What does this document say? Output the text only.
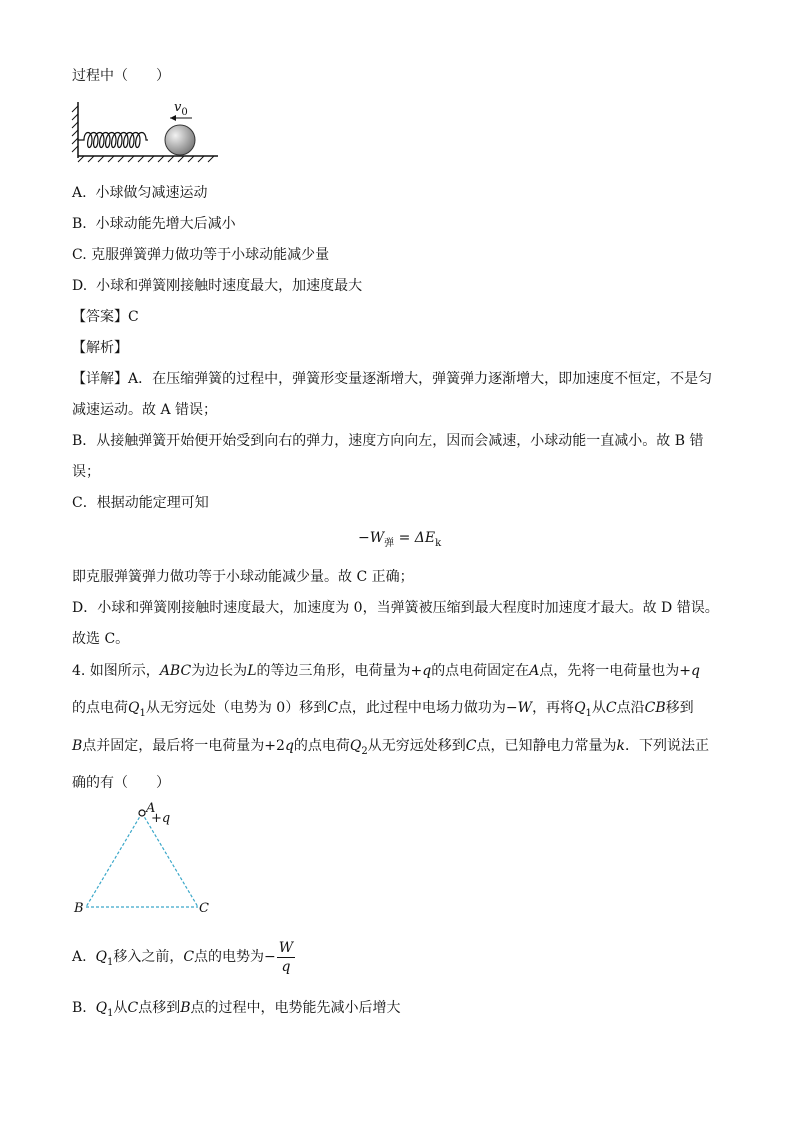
过程中（　　）
$v_0$
A. 小球做匀减速运动
B. 小球动能先增大后减小
C. 克服弹簧弹力做功等于小球动能减少量
D. 小球和弹簧刚接触时速度最大，加速度最大
【答案】C
【解析】
【详解】A．在压缩弹簧的过程中，弹簧形变量逐渐增大，弹簧弹力逐渐增大，即加速度不恒定，不是匀
减速运动。故 A 错误；
B．从接触弹簧开始便开始受到向右的弹力，速度方向向左，因而会减速，小球动能一直减小。故 B 错
误；
C．根据动能定理可知
$-W_弹 = \Delta E_k$
即克服弹簧弹力做功等于小球动能减少量。故 C 正确；
D．小球和弹簧刚接触时速度最大，加速度为 0，当弹簧被压缩到最大程度时加速度才最大。故 D 错误。
故选 C。
4. 如图所示，ABC为边长为L的等边三角形，电荷量为+q的点电荷固定在A点，先将一电荷量也为+q
的点电荷$Q_1$从无穷远处（电势为 0）移到C点，此过程中电场力做功为−W，再将$Q_1$从C点沿CB移到
B点并固定，最后将一电荷量为+2q的点电荷$Q_2$从无穷远处移到C点，已知静电力常量为k．下列说法正
确的有（　　）
A
+q
B	C
A. $Q_1$移入之前，C点的电势为− $\frac{W}{q}$
B. $Q_1$从C点移到B点的过程中，电势能先减小后增大
